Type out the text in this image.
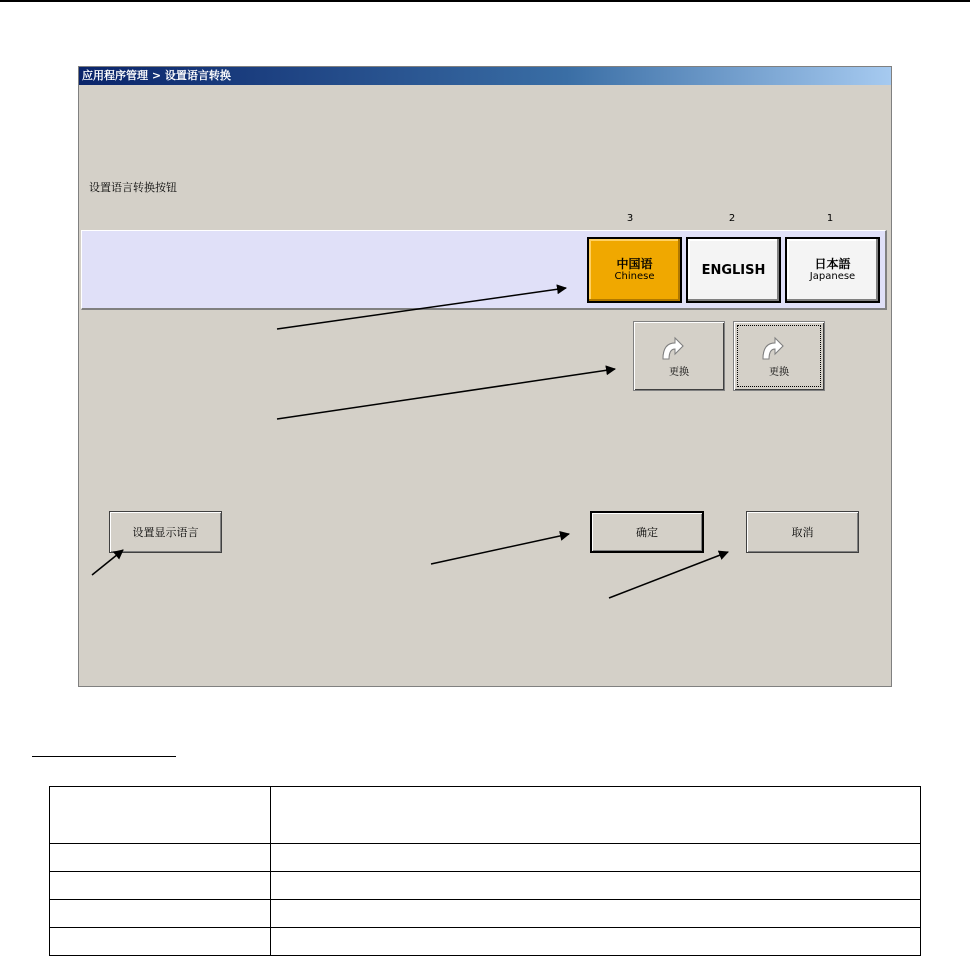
应用程序管理 > 设置语言转换
设置语言转换按钮
3	2	1
中国语
Chinese	ENGLISH	日本語
Japanese
更换	更换
设置显示语言	确定	取消
